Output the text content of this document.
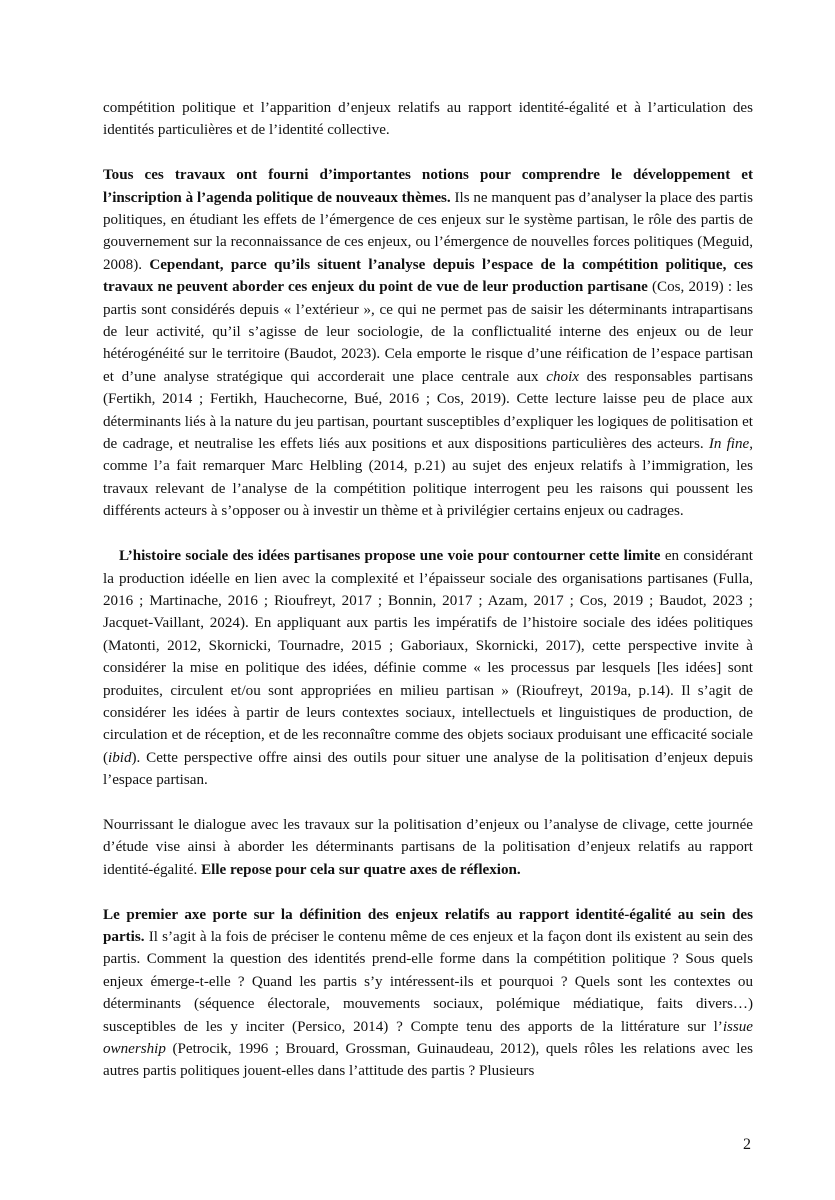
compétition politique et l’apparition d’enjeux relatifs au rapport identité-égalité et à l’articulation des identités particulières et de l’identité collective.

Tous ces travaux ont fourni d’importantes notions pour comprendre le développement et l’inscription à l’agenda politique de nouveaux thèmes. Ils ne manquent pas d’analyser la place des partis politiques, en étudiant les effets de l’émergence de ces enjeux sur le système partisan, le rôle des partis de gouvernement sur la reconnaissance de ces enjeux, ou l’émergence de nouvelles forces politiques (Meguid, 2008). Cependant, parce qu’ils situent l’analyse depuis l’espace de la compétition politique, ces travaux ne peuvent aborder ces enjeux du point de vue de leur production partisane (Cos, 2019) : les partis sont considérés depuis « l’extérieur », ce qui ne permet pas de saisir les déterminants intrapartisans de leur activité, qu’il s’agisse de leur sociologie, de la conflictualité interne des enjeux ou de leur hétérogénéité sur le territoire (Baudot, 2023). Cela emporte le risque d’une réification de l’espace partisan et d’une analyse stratégique qui accorderait une place centrale aux choix des responsables partisans (Fertikh, 2014 ; Fertikh, Hauchecorne, Bué, 2016 ; Cos, 2019). Cette lecture laisse peu de place aux déterminants liés à la nature du jeu partisan, pourtant susceptibles d’expliquer les logiques de politisation et de cadrage, et neutralise les effets liés aux positions et aux dispositions particulières des acteurs. In fine, comme l’a fait remarquer Marc Helbling (2014, p.21) au sujet des enjeux relatifs à l’immigration, les travaux relevant de l’analyse de la compétition politique interrogent peu les raisons qui poussent les différents acteurs à s’opposer ou à investir un thème et à privilégier certains enjeux ou cadrages.

L’histoire sociale des idées partisanes propose une voie pour contourner cette limite en considérant la production idéelle en lien avec la complexité et l’épaisseur sociale des organisations partisanes (Fulla, 2016 ; Martinache, 2016 ; Rioufreyt, 2017 ; Bonnin, 2017 ; Azam, 2017 ; Cos, 2019 ; Baudot, 2023 ; Jacquet-Vaillant, 2024). En appliquant aux partis les impératifs de l’histoire sociale des idées politiques (Matonti, 2012, Skornicki, Tournadre, 2015 ; Gaboriaux, Skornicki, 2017), cette perspective invite à considérer la mise en politique des idées, définie comme « les processus par lesquels [les idées] sont produites, circulent et/ou sont appropriées en milieu partisan » (Rioufreyt, 2019a, p.14). Il s’agit de considérer les idées à partir de leurs contextes sociaux, intellectuels et linguistiques de production, de circulation et de réception, et de les reconnaître comme des objets sociaux produisant une efficacité sociale (ibid). Cette perspective offre ainsi des outils pour situer une analyse de la politisation d’enjeux depuis l’espace partisan.

Nourrissant le dialogue avec les travaux sur la politisation d’enjeux ou l’analyse de clivage, cette journée d’étude vise ainsi à aborder les déterminants partisans de la politisation d’enjeux relatifs au rapport identité-égalité. Elle repose pour cela sur quatre axes de réflexion.

Le premier axe porte sur la définition des enjeux relatifs au rapport identité-égalité au sein des partis. Il s’agit à la fois de préciser le contenu même de ces enjeux et la façon dont ils existent au sein des partis. Comment la question des identités prend-elle forme dans la compétition politique ? Sous quels enjeux émerge-t-elle ? Quand les partis s’y intéressent-ils et pourquoi ? Quels sont les contextes ou déterminants (séquence électorale, mouvements sociaux, polémique médiatique, faits divers…) susceptibles de les y inciter (Persico, 2014) ? Compte tenu des apports de la littérature sur l’issue ownership (Petrocik, 1996 ; Brouard, Grossman, Guinaudeau, 2012), quels rôles les relations avec les autres partis politiques jouent-elles dans l’attitude des partis ? Plusieurs

2
